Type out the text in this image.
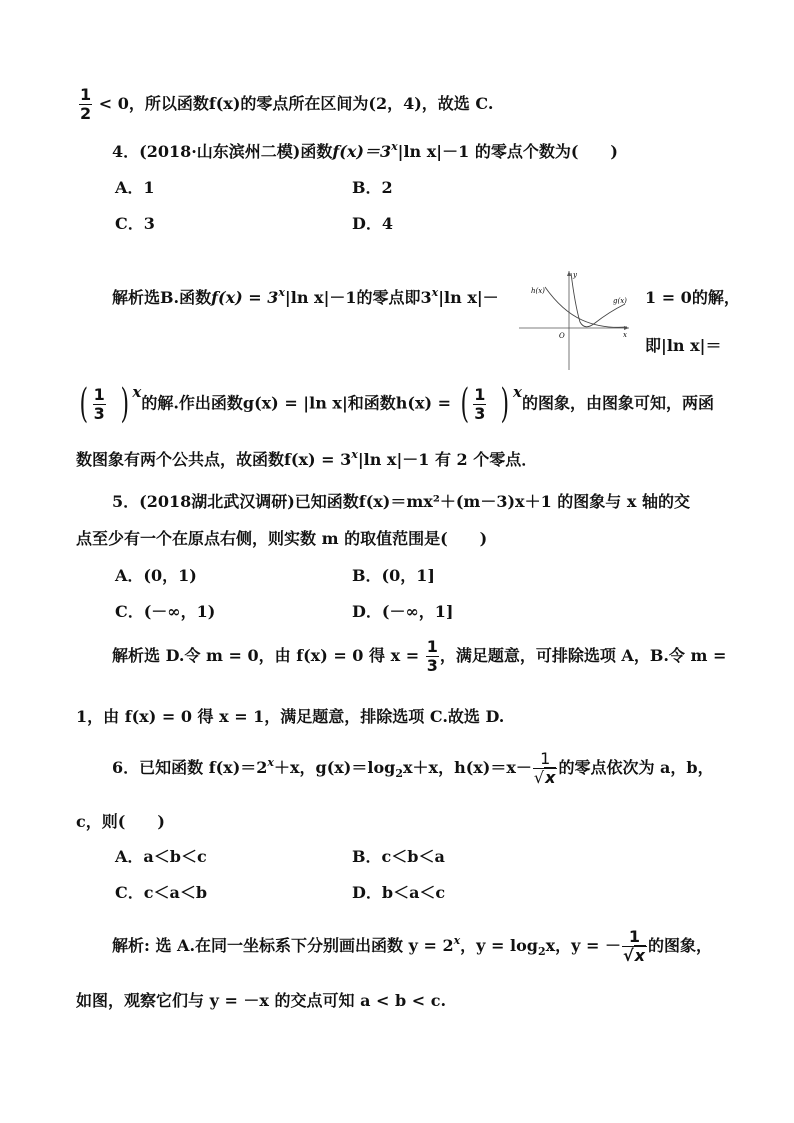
$\frac{1}{2} < 0$，所以函数f(x)的零点所在区间为(2，4)，故选 C.
4．(2018·山东滨州二模)函数$f(x)=3^x|\ln$ x|－1 的零点个数为(　　)
A．1	B．2
C．3	D．4
解析选B.函数$f(x) = 3^x|\ln$ x|－1的零点即3$^x$|ln x|－	h(x)
g(x)
y
x
O
1 = 0的解，
即|ln x|＝
( $\frac{1}{3}$ ) x的解.作出函数g(x) = |ln x|和函数h(x) = ( $\frac{1}{3}$ ) x的图象，由图象可知，两函
数图象有两个公共点，故函数$f(x) = 3^x|\ln$ x|－1 有 2 个零点．
5．(2018湖北武汉调研)已知函数f(x)＝mx²＋(m－3)x＋1 的图象与 x 轴的交
点至少有一个在原点右侧，则实数 m 的取值范围是(　　)
A．(0，1)	B．(0，1]
C．(－∞，1)	D．(－∞，1]
解析选 D.令 m = 0，由 f(x) = 0 得 $x = \frac{1}{3}$ ，满足题意，可排除选项 A，B.令 m =
1，由 f(x) = 0 得 x = 1，满足题意，排除选项 C.故选 D.
6．已知函数 $f(x)=2^x+x$，$g(x)=\log_2x+x$，$h(x)=x- \frac{1}{√x}$ 的零点依次为 a，b，
c，则(　　)
A．a＜b＜c	B．c＜b＜a
C．c＜a＜b	D．b＜a＜c
解析: 选 A.在同一坐标系下分别画出函数 $y = 2^x$，$y = \log_2x$，y = － $\frac{1}{√x}$ 的图象，
如图，观察它们与 y = －x 的交点可知 a < b < c.
